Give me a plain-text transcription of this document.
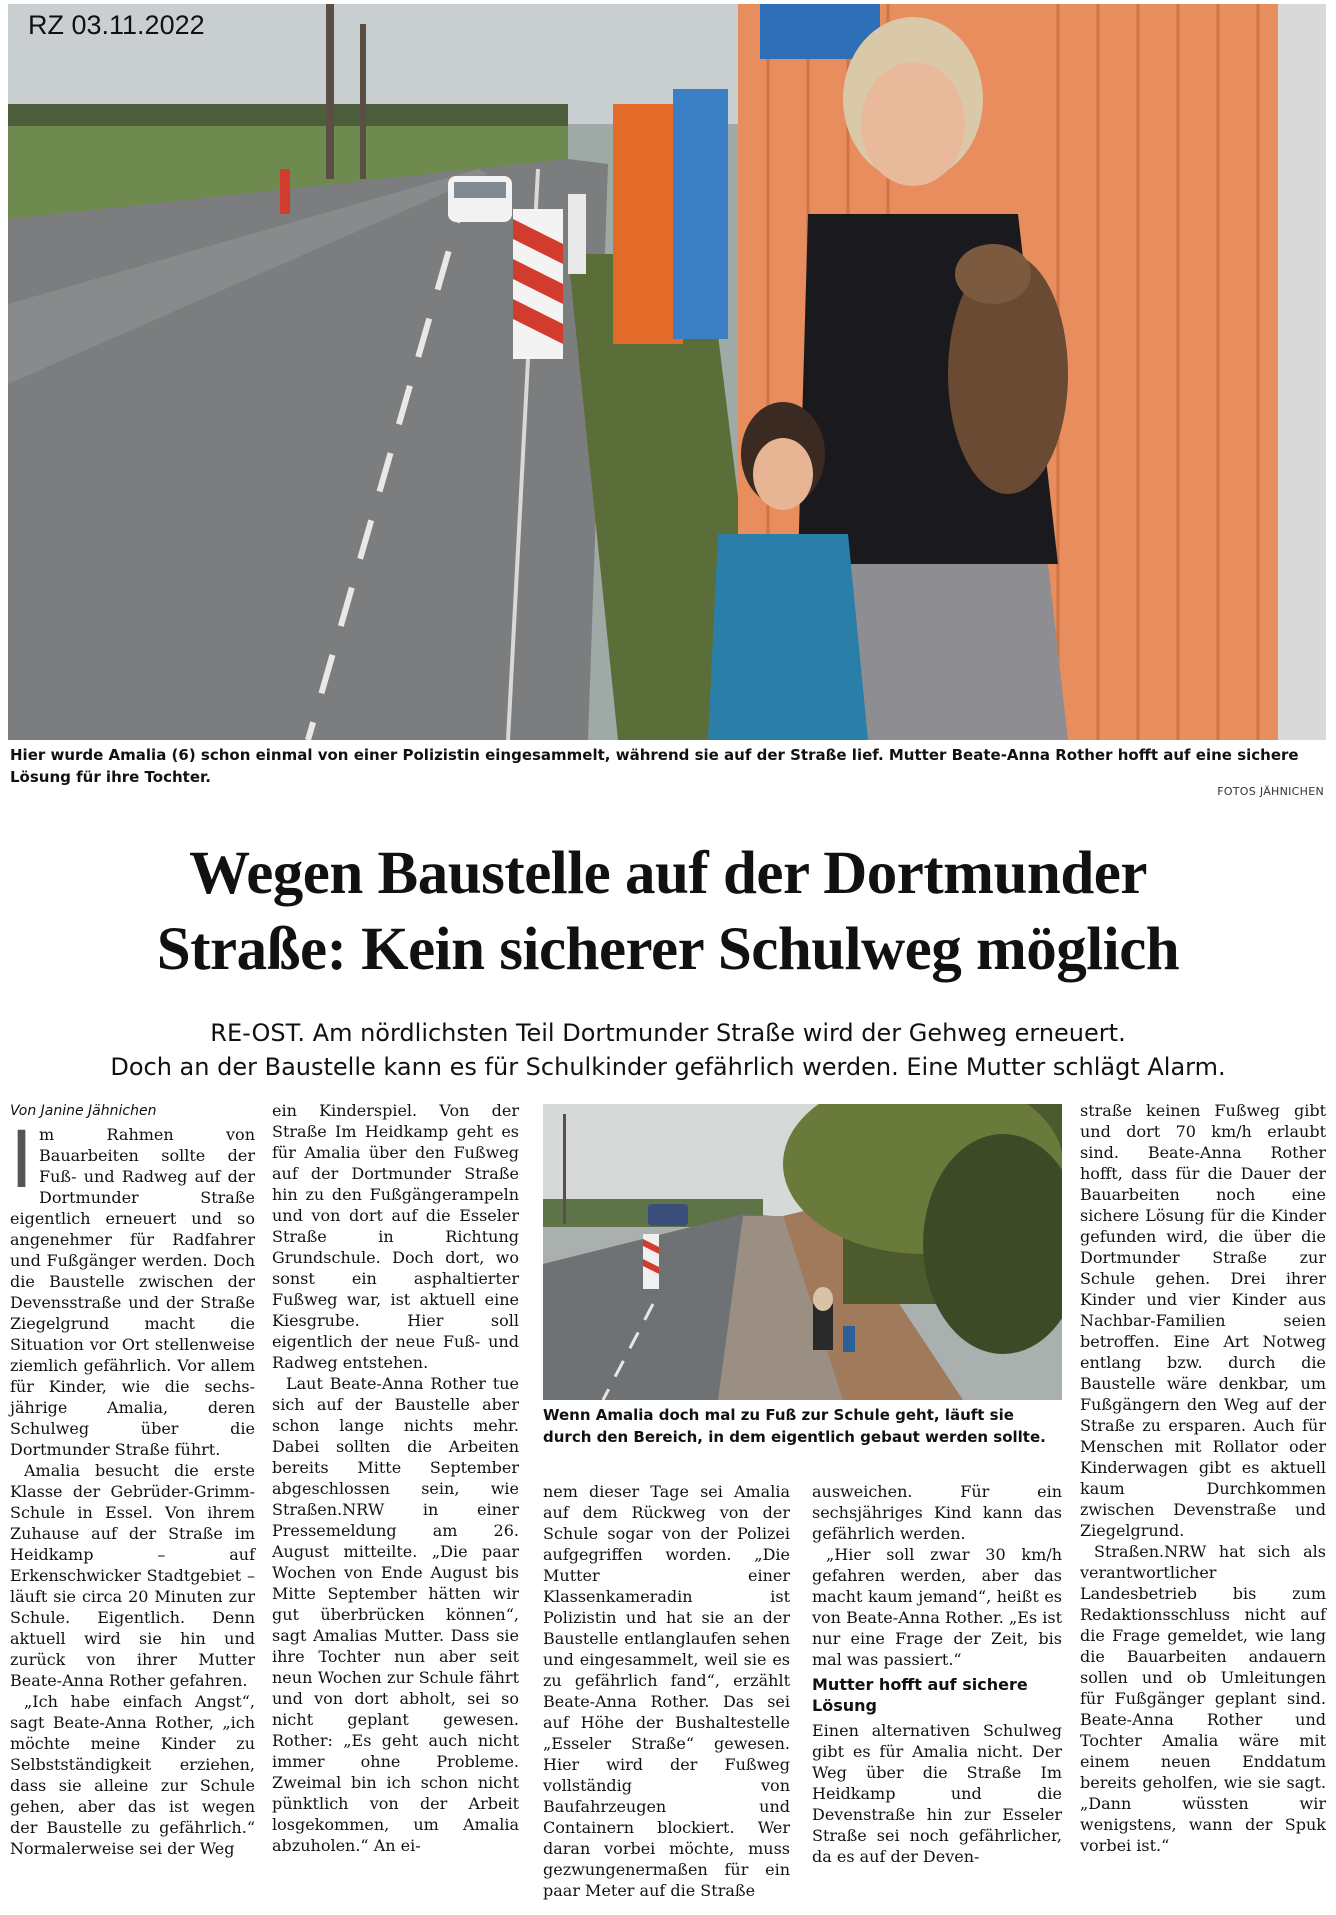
RZ 03.11.2022
Hier wurde Amalia (6) schon einmal von einer Polizistin eingesammelt, während sie auf der Straße lief. Mutter Beate-Anna Rother hofft auf eine sichere Lösung für ihre Tochter.
FOTOS JÄHNICHEN
Wegen Baustelle auf der Dortmunder
Straße: Kein sicherer Schulweg möglich
RE-OST. Am nördlichsten Teil Dortmunder Straße wird der Gehweg erneuert.
Doch an der Baustelle kann es für Schulkinder gefährlich werden. Eine Mutter schlägt Alarm.
Von Janine Jähnichen

Im Rahmen von Bauarbeiten sollte der Fuß- und Radweg auf der Dortmunder Straße eigentlich erneuert und so angenehmer für Radfahrer und Fußgänger werden. Doch die Baustelle zwischen der Devensstraße und der Straße Ziegelgrund macht die Situation vor Ort stellenweise ziemlich gefährlich. Vor allem für Kinder, wie die sechs-jährige Amalia, deren Schulweg über die Dortmunder Straße führt.

Amalia besucht die erste Klasse der Gebrüder-Grimm-Schule in Essel. Von ihrem Zuhause auf der Straße im Heidkamp – auf Erkenschwicker Stadtgebiet – läuft sie circa 20 Minuten zur Schule. Eigentlich. Denn aktuell wird sie hin und zurück von ihrer Mutter Beate-Anna Rother gefahren.

„Ich habe einfach Angst“, sagt Beate-Anna Rother, „ich möchte meine Kinder zu Selbstständigkeit erziehen, dass sie alleine zur Schule gehen, aber das ist wegen der Baustelle zu gefährlich.“ Normalerweise sei der Weg

ein Kinderspiel. Von der Straße Im Heidkamp geht es für Amalia über den Fußweg auf der Dortmunder Straße hin zu den Fußgängerampeln und von dort auf die Esseler Straße in Richtung Grundschule. Doch dort, wo sonst ein asphaltierter Fußweg war, ist aktuell eine Kiesgrube. Hier soll eigentlich der neue Fuß- und Radweg entstehen.

Laut Beate-Anna Rother tue sich auf der Baustelle aber schon lange nichts mehr. Dabei sollten die Arbeiten bereits Mitte September abgeschlossen sein, wie Straßen.NRW in einer Pressemeldung am 26. August mitteilte. „Die paar Wochen von Ende August bis Mitte September hätten wir gut überbrücken können“, sagt Amalias Mutter. Dass sie ihre Tochter nun aber seit neun Wochen zur Schule fährt und von dort abholt, sei so nicht geplant gewesen. Rother: „Es geht auch nicht immer ohne Probleme. Zweimal bin ich schon nicht pünktlich von der Arbeit losgekommen, um Amalia abzuholen.“ An ei-

Wenn Amalia doch mal zu Fuß zur Schule geht, läuft sie durch den Bereich, in dem eigentlich gebaut werden sollte.

nem dieser Tage sei Amalia auf dem Rückweg von der Schule sogar von der Polizei aufgegriffen worden. „Die Mutter einer Klassenkameradin ist Polizistin und hat sie an der Baustelle entlanglaufen sehen und eingesammelt, weil sie es zu gefährlich fand“, erzählt Beate-Anna Rother. Das sei auf Höhe der Bushaltestelle „Esseler Straße“ gewesen. Hier wird der Fußweg vollständig von Baufahrzeugen und Containern blockiert. Wer daran vorbei möchte, muss gezwungenermaßen für ein paar Meter auf die Straße

ausweichen. Für ein sechsjähriges Kind kann das gefährlich werden.

„Hier soll zwar 30 km/h gefahren werden, aber das macht kaum jemand“, heißt es von Beate-Anna Rother. „Es ist nur eine Frage der Zeit, bis mal was passiert.“

Mutter hofft auf sichere Lösung

Einen alternativen Schulweg gibt es für Amalia nicht. Der Weg über die Straße Im Heidkamp und die Devenstraße hin zur Esseler Straße sei noch gefährlicher, da es auf der Deven-

straße keinen Fußweg gibt und dort 70 km/h erlaubt sind. Beate-Anna Rother hofft, dass für die Dauer der Bauarbeiten noch eine sichere Lösung für die Kinder gefunden wird, die über die Dortmunder Straße zur Schule gehen. Drei ihrer Kinder und vier Kinder aus Nachbar-Familien seien betroffen. Eine Art Notweg entlang bzw. durch die Baustelle wäre denkbar, um Fußgängern den Weg auf der Straße zu ersparen. Auch für Menschen mit Rollator oder Kinderwagen gibt es aktuell kaum Durchkommen zwischen Devenstraße und Ziegelgrund.

Straßen.NRW hat sich als verantwortlicher Landesbetrieb bis zum Redaktionsschluss nicht auf die Frage gemeldet, wie lang die Bauarbeiten andauern sollen und ob Umleitungen für Fußgänger geplant sind. Beate-Anna Rother und Tochter Amalia wäre mit einem neuen Enddatum bereits geholfen, wie sie sagt. „Dann wüssten wir wenigstens, wann der Spuk vorbei ist.“
